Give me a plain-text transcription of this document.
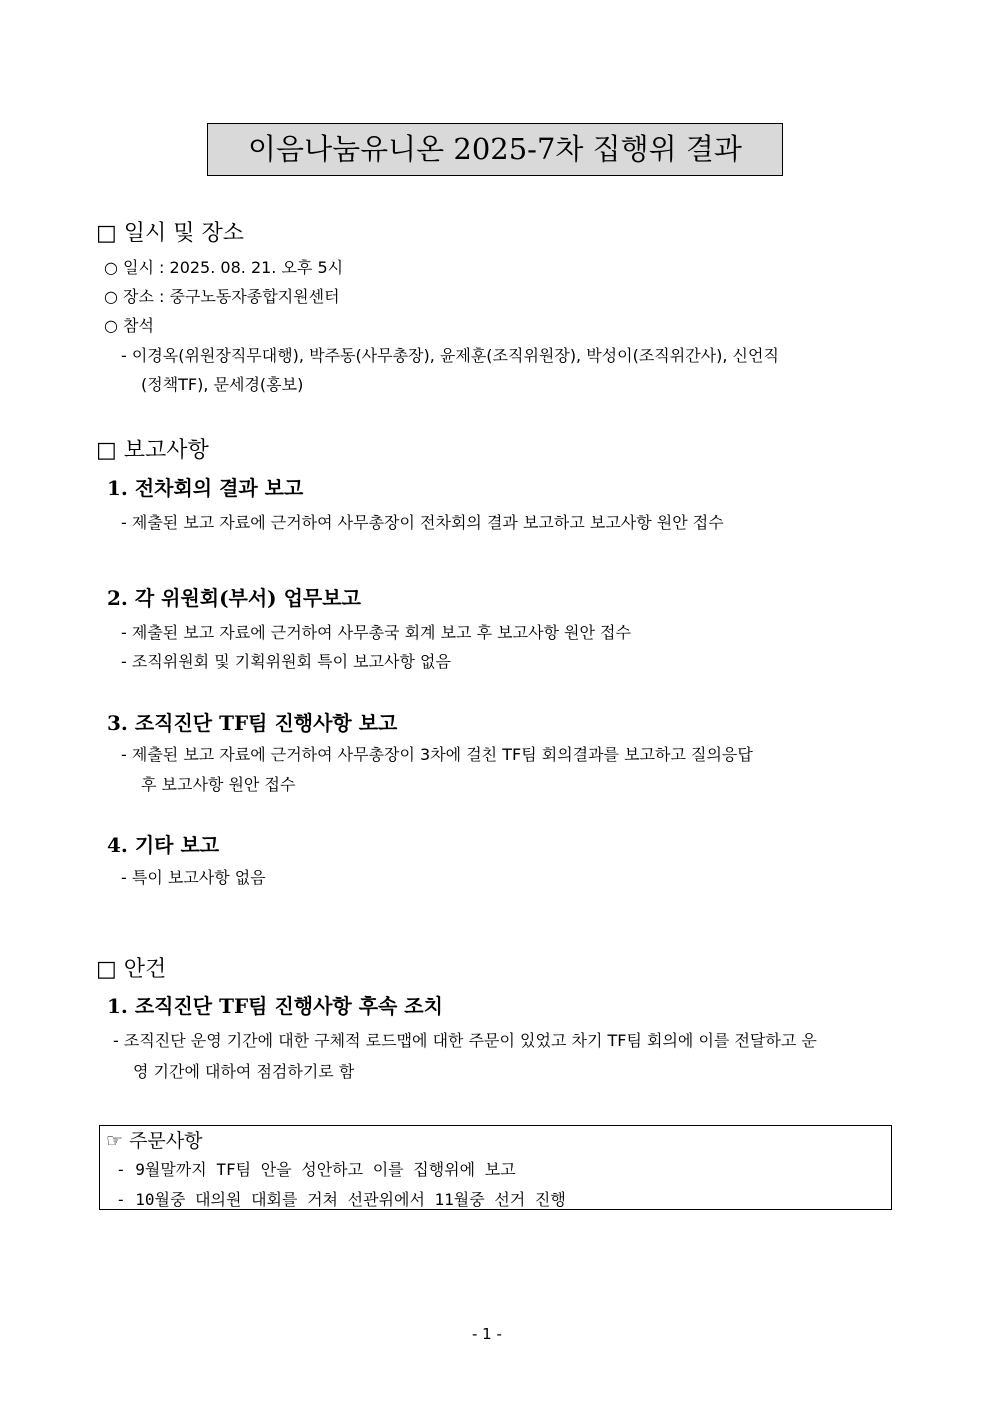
이음나눔유니온 2025-7차 집행위 결과
□ 일시 및 장소
○ 일시 : 2025. 08. 21. 오후 5시
○ 장소 : 중구노동자종합지원센터
○ 참석
- 이경옥(위원장직무대행), 박주동(사무총장), 윤제훈(조직위원장), 박성이(조직위간사), 신언직
(정책TF), 문세경(홍보)
□ 보고사항
1. 전차회의 결과 보고
- 제출된 보고 자료에 근거하여 사무총장이 전차회의 결과 보고하고 보고사항 원안 접수
2. 각 위원회(부서) 업무보고
- 제출된 보고 자료에 근거하여 사무총국 회계 보고 후 보고사항 원안 접수
- 조직위원회 및 기획위원회 특이 보고사항 없음
3. 조직진단 TF팀 진행사항 보고
- 제출된 보고 자료에 근거하여 사무총장이 3차에 걸친 TF팀 회의결과를 보고하고 질의응답
후 보고사항 원안 접수
4. 기타 보고
- 특이 보고사항 없음
□ 안건
1. 조직진단 TF팀 진행사항 후속 조치
- 조직진단 운영 기간에 대한 구체적 로드맵에 대한 주문이 있었고 차기 TF팀 회의에 이를 전달하고 운
영 기간에 대하여 점검하기로 함
☞ 주문사항
- 9월말까지 TF팀 안을 성안하고 이를 집행위에 보고
- 10월중 대의원 대회를 거쳐 선관위에서 11월중 선거 진행
- 1 -
